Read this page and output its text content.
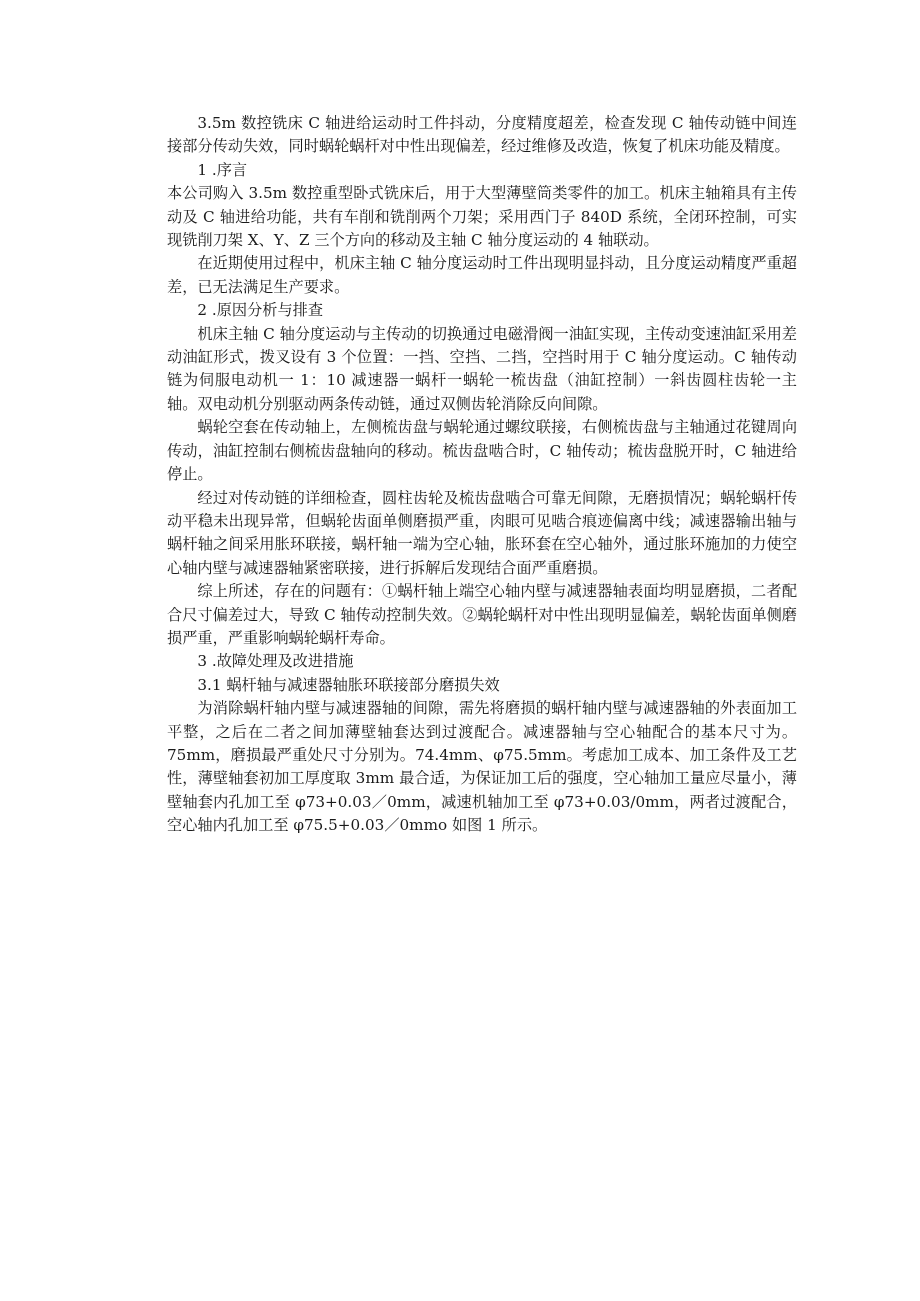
3.5m 数控铣床 C 轴进给运动时工件抖动，分度精度超差，检查发现 C 轴传动链中间连接部分传动失效，同时蜗轮蜗杆对中性出现偏差，经过维修及改造，恢复了机床功能及精度。

1 .序言

本公司购入 3.5m 数控重型卧式铣床后，用于大型薄壁筒类零件的加工。机床主轴箱具有主传动及 C 轴进给功能，共有车削和铣削两个刀架；采用西门子 840D 系统，全闭环控制，可实现铣削刀架 X、Y、Z 三个方向的移动及主轴 C 轴分度运动的 4 轴联动。

在近期使用过程中，机床主轴 C 轴分度运动时工件出现明显抖动，且分度运动精度严重超差，已无法满足生产要求。

2 .原因分析与排查

机床主轴 C 轴分度运动与主传动的切换通过电磁滑阀一油缸实现，主传动变速油缸采用差动油缸形式，拨叉设有 3 个位置：一挡、空挡、二挡，空挡时用于 C 轴分度运动。C 轴传动链为伺服电动机一 1：10 减速器一蜗杆一蜗轮一梳齿盘（油缸控制）一斜齿圆柱齿轮一主轴。双电动机分别驱动两条传动链，通过双侧齿轮消除反向间隙。

蜗轮空套在传动轴上，左侧梳齿盘与蜗轮通过螺纹联接，右侧梳齿盘与主轴通过花键周向传动，油缸控制右侧梳齿盘轴向的移动。梳齿盘啮合时，C 轴传动；梳齿盘脱开时，C 轴进给停止。

经过对传动链的详细检查，圆柱齿轮及梳齿盘啮合可靠无间隙，无磨损情况；蜗轮蜗杆传动平稳未出现异常，但蜗轮齿面单侧磨损严重，肉眼可见啮合痕迹偏离中线；减速器输出轴与蜗杆轴之间采用胀环联接，蜗杆轴一端为空心轴，胀环套在空心轴外，通过胀环施加的力使空心轴内壁与减速器轴紧密联接，进行拆解后发现结合面严重磨损。

综上所述，存在的问题有：①蜗杆轴上端空心轴内壁与减速器轴表面均明显磨损，二者配合尺寸偏差过大，导致 C 轴传动控制失效。②蜗轮蜗杆对中性出现明显偏差，蜗轮齿面单侧磨损严重，严重影响蜗轮蜗杆寿命。

3 .故障处理及改进措施

3.1 蜗杆轴与减速器轴胀环联接部分磨损失效

为消除蜗杆轴内壁与减速器轴的间隙，需先将磨损的蜗杆轴内壁与减速器轴的外表面加工平整，之后在二者之间加薄壁轴套达到过渡配合。减速器轴与空心轴配合的基本尺寸为。75mm，磨损最严重处尺寸分别为。74.4mm、φ75.5mm。考虑加工成本、加工条件及工艺性，薄壁轴套初加工厚度取 3mm 最合适，为保证加工后的强度，空心轴加工量应尽量小，薄壁轴套内孔加工至 φ73+0.03／0mm，减速机轴加工至 φ73+0.03/0mm，两者过渡配合，空心轴内孔加工至 φ75.5+0.03／0mmo 如图 1 所示。
